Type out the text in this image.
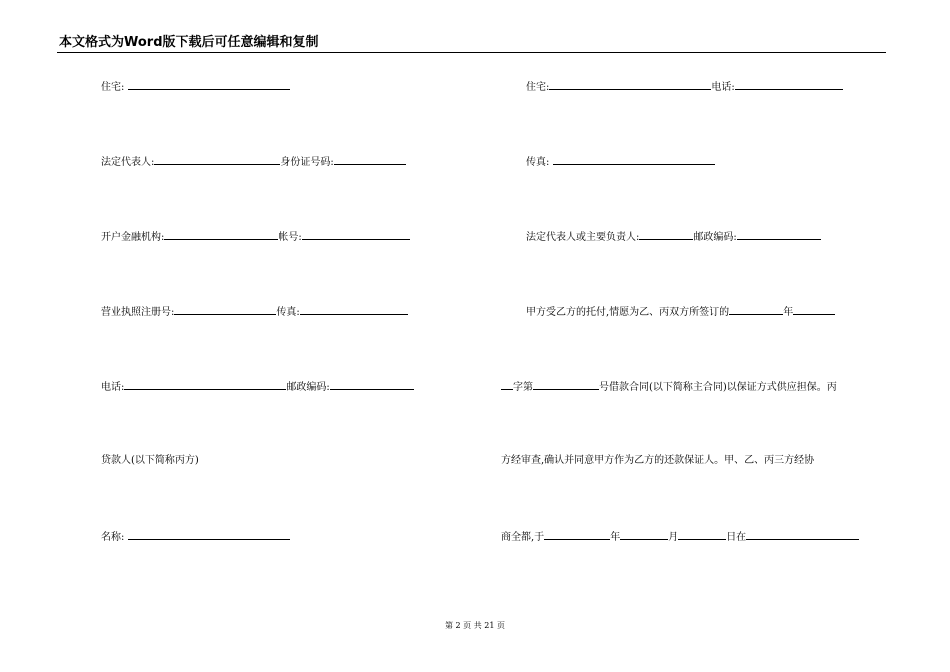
本文格式为Word版下载后可任意编辑和复制
住宅:
法定代表人:	身份证号码:
开户金融机构:	帐号:
营业执照注册号:	传真:
电话:	邮政编码:
贷款人(以下简称丙方)
名称:
住宅:	电话:
传真:
法定代表人或主要负责人:	邮政编码:
甲方受乙方的托付,情愿为乙、丙双方所签订的	年
字第	号借款合同(以下简称主合同)以保证方式供应担保。丙
方经审查,确认并同意甲方作为乙方的还款保证人。甲、乙、丙三方经协
商全都,于	年	月	日在
第 2 页 共 21 页
